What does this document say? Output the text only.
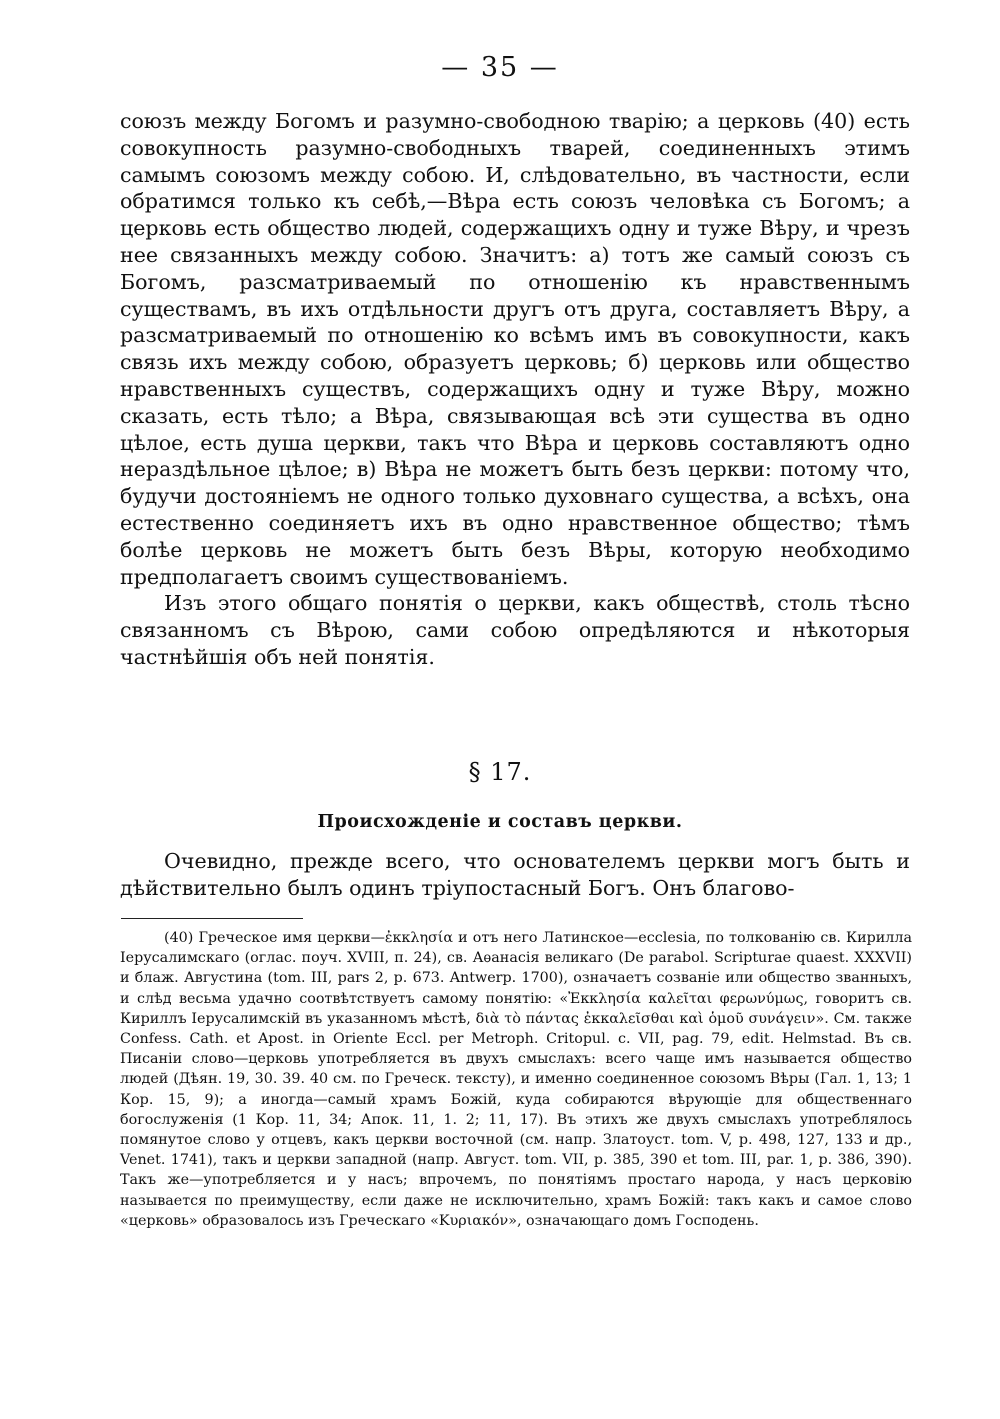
— 35 —

союзъ между Богомъ и разумно-свободною тварію; а церковь (40) есть совокупность разумно-свободныхъ тварей, соединенныхъ этимъ самымъ союзомъ между собою. И, слѣдовательно, въ частности, если обратимся только къ себѣ,—Вѣра есть союзъ человѣка съ Богомъ; а церковь есть общество людей, содержащихъ одну и туже Вѣру, и чрезъ нее связанныхъ между собою. Значитъ: а) тотъ же самый союзъ съ Богомъ, разсматриваемый по отношенію къ нравственнымъ существамъ, въ ихъ отдѣльности другъ отъ друга, составляетъ Вѣру, а разсматриваемый по отношенію ко всѣмъ имъ въ совокупности, какъ связь ихъ между собою, образуетъ церковь; б) церковь или общество нравственныхъ существъ, содержащихъ одну и туже Вѣру, можно сказать, есть тѣло; а Вѣра, связывающая всѣ эти существа въ одно цѣлое, есть душа церкви, такъ что Вѣра и церковь составляютъ одно нераздѣльное цѣлое; в) Вѣра не можетъ быть безъ церкви: потому что, будучи достояніемъ не одного только духовнаго существа, а всѣхъ, она естественно соединяетъ ихъ въ одно нравственное общество; тѣмъ болѣе церковь не можетъ быть безъ Вѣры, которую необходимо предполагаетъ своимъ существованіемъ.

Изъ этого общаго понятія о церкви, какъ обществѣ, столь тѣсно связанномъ съ Вѣрою, сами собою опредѣляются и нѣкоторыя частнѣйшія объ ней понятія.

§ 17.
Происхожденіе и составъ церкви.

Очевидно, прежде всего, что основателемъ церкви могъ быть и дѣйствительно былъ одинъ тріупостасный Богъ. Онъ благово-

(40) Греческое имя церкви—ἐκκλησία и отъ него Латинское—ecclesia, по толкованію св. Кирилла Іерусалимскаго (оглас. поуч. XVIII, п. 24), св. Аѳанасія великаго (De parabol. Scripturae quaest. XXXVII) и блаж. Августина (tom. III, pars 2, p. 673. Antwerp. 1700), означаетъ созваніе или общество званныхъ, и слѣд весьма удачно соотвѣтствуетъ самому понятію: «Ἐκκλησία καλεῖται φερωνύμως, говоритъ св. Кириллъ Іерусалимскій въ указанномъ мѣстѣ, διὰ τὸ πάντας ἐκκαλεῖσθαι καὶ ὁμοῦ συνάγειν». См. также Confess. Cath. et Apost. in Oriente Eccl. per Metroph. Critopul. c. VII, pag. 79, edit. Helmstad. Въ св. Писаніи слово—церковь употребляется въ двухъ смыслахъ: всего чаще имъ называется общество людей (Дѣян. 19, 30. 39. 40 см. по Греческ. тексту), и именно соединенное союзомъ Вѣры (Гал. 1, 13; 1 Кор. 15, 9); а иногда—самый храмъ Божій, куда собираются вѣрующіе для общественнаго богослуженія (1 Кор. 11, 34; Апок. 11, 1. 2; 11, 17). Въ этихъ же двухъ смыслахъ употреблялось помянутое слово у отцевъ, какъ церкви восточной (см. напр. Златоуст. tom. V, p. 498, 127, 133 и др., Venet. 1741), такъ и церкви западной (напр. Август. tom. VII, p. 385, 390 et tom. III, par. 1, p. 386, 390). Такъ же—употребляется и у насъ; впрочемъ, по понятіямъ простаго народа, у насъ церковію называется по преимуществу, если даже не исключительно, храмъ Божій: такъ какъ и самое слово «церковь» образовалось изъ Греческаго «Κυριακόν», означающаго домъ Господень.
